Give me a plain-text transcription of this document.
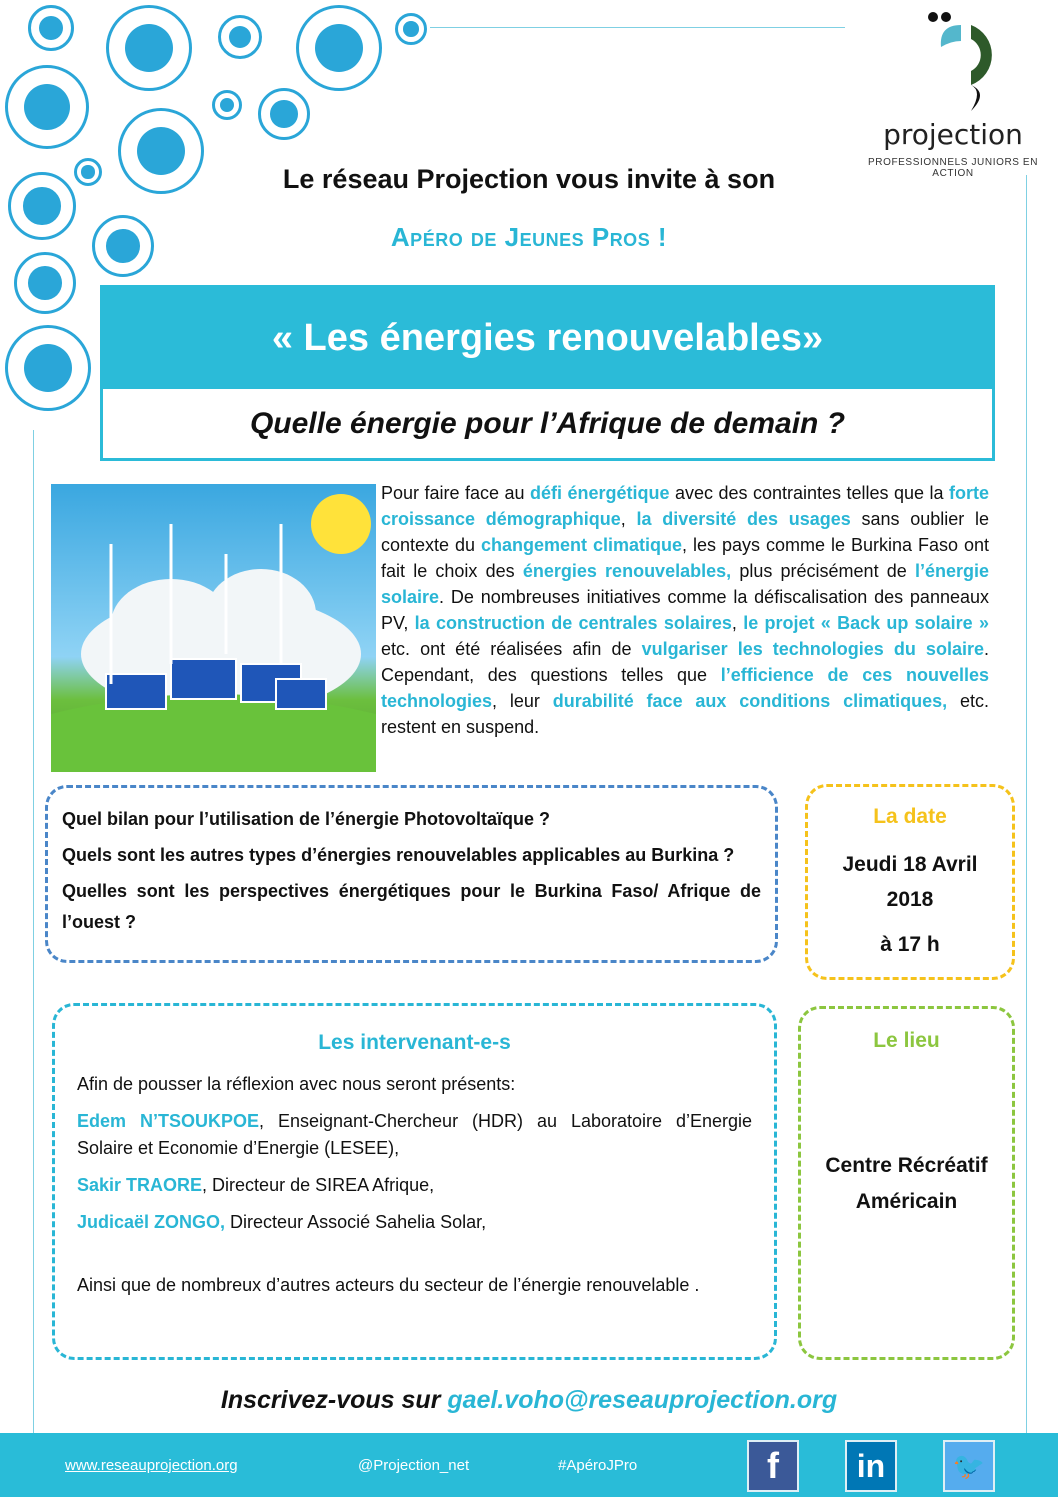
projection
PROFESSIONNELS JUNIORS EN ACTION
Le réseau Projection vous invite à son
Apéro de Jeunes Pros !
« Les énergies renouvelables»
Quelle énergie pour l’Afrique de demain ?
Pour faire face au défi énergétique avec des contraintes telles que la forte croissance démographique, la diversité des usages sans oublier le contexte du changement climatique, les pays comme le Burkina Faso ont fait le choix des énergies renouvelables, plus précisément de l’énergie solaire. De nombreuses initiatives comme la défiscalisation des panneaux PV, la construction de centrales solaires, le projet « Back up solaire » etc. ont été réalisées afin de vulgariser les technologies du solaire. Cependant, des questions telles que l’efficience de ces nouvelles technologies, leur durabilité face aux conditions climatiques, etc. restent en suspend.

Quel bilan pour l’utilisation de l’énergie Photovoltaïque ?

Quels sont les autres types d’énergies renouvelables applicables au Burkina ?

Quelles sont les perspectives énergétiques pour le Burkina Faso/ Afrique de l’ouest ?

La date
Jeudi 18 Avril
2018
à 17 h
Les intervenant-e-s

Afin de pousser la réflexion avec nous seront présents:

Edem N’TSOUKPOE, Enseignant-Chercheur (HDR) au Laboratoire d’Energie Solaire et Economie d’Energie (LESEE),

Sakir TRAORE, Directeur de SIREA Afrique,

Judicaël ZONGO, Directeur Associé Sahelia Solar,

Ainsi que de nombreux d’autres acteurs du secteur de l’énergie renouvelable .

Le lieu
Centre Récréatif Américain
Inscrivez-vous sur gael.voho@reseauprojection.org
www.reseauprojection.org	@Projection_net	#ApéroJPro	f	in	🐦
